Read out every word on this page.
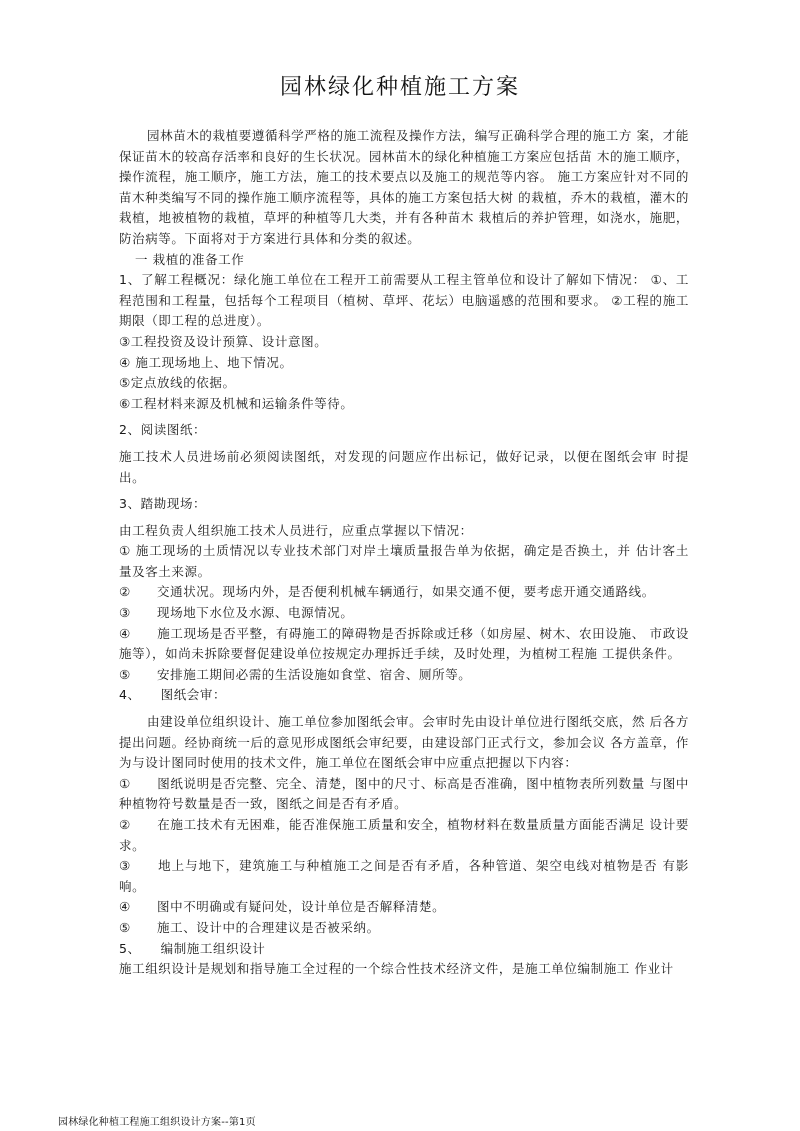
园林绿化种植施工方案

园林苗木的栽植要遵循科学严格的施工流程及操作方法，编写正确科学合理的施工方 案，才能保证苗木的较高存活率和良好的生长状况。园林苗木的绿化种植施工方案应包括苗 木的施工顺序，操作流程，施工顺序，施工方法，施工的技术要点以及施工的规范等内容。 施工方案应针对不同的苗木种类编写不同的操作施工顺序流程等，具体的施工方案包括大树 的栽植，乔木的栽植，灌木的栽植，地被植物的栽植，草坪的种植等几大类，并有各种苗木 栽植后的养护管理，如浇水，施肥，防治病等。下面将对于方案进行具体和分类的叙述。

一 栽植的准备工作

1、了解工程概况：绿化施工单位在工程开工前需要从工程主管单位和设计了解如下情况： ①、工程范围和工程量，包括每个工程项目（植树、草坪、花坛）电脑遥感的范围和要求。 ②工程的施工期限（即工程的总进度）。

③工程投资及设计预算、设计意图。

④ 施工现场地上、地下情况。

⑤定点放线的依据。

⑥工程材料来源及机械和运输条件等待。

2、阅读图纸：

施工技术人员进场前必须阅读图纸，对发现的问题应作出标记，做好记录，以便在图纸会审 时提出。

3、踏勘现场：

由工程负责人组织施工技术人员进行，应重点掌握以下情况：

① 施工现场的土质情况以专业技术部门对岸土壤质量报告单为依据，确定是否换土，并 估计客土量及客土来源。

②　　交通状况。现场内外，是否便利机械车辆通行，如果交通不便，要考虑开通交通路线。

③　　现场地下水位及水源、电源情况。

④　　施工现场是否平整，有碍施工的障碍物是否拆除或迁移（如房屋、树木、农田设施、 市政设施等），如尚未拆除要督促建设单位按规定办理拆迁手续，及时处理，为植树工程施 工提供条件。

⑤　　安排施工期间必需的生活设施如食堂、宿舍、厕所等。

4、　　图纸会审：

由建设单位组织设计、施工单位参加图纸会审。会审时先由设计单位进行图纸交底，然 后各方提出问题。经协商统一后的意见形成图纸会审纪要，由建设部门正式行文，参加会议 各方盖章，作为与设计图同时使用的技术文件，施工单位在图纸会审中应重点把握以下内容：

①　　图纸说明是否完整、完全、清楚，图中的尺寸、标高是否准确，图中植物表所列数量 与图中种植物符号数量是否一致，图纸之间是否有矛盾。

②　　在施工技术有无困难，能否准保施工质量和安全，植物材料在数量质量方面能否满足 设计要求。

③　　地上与地下，建筑施工与种植施工之间是否有矛盾，各种管道、架空电线对植物是否 有影响。

④　　图中不明确或有疑问处，设计单位是否解释清楚。

⑤　　施工、设计中的合理建议是否被采纳。

5、　　编制施工组织设计

施工组织设计是规划和指导施工全过程的一个综合性技术经济文件，是施工单位编制施工 作业计

园林绿化种植工程施工组织设计方案--第1页
